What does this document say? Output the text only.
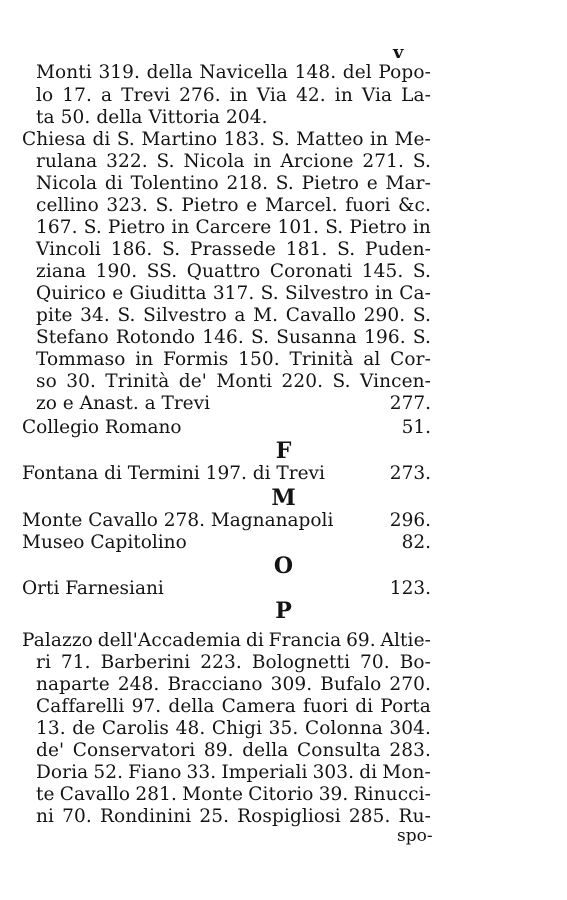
v
Monti 319. della Navicella 148. del Popo-
lo 17. a Trevi 276. in Via 42. in Via La-
ta 50. della Vittoria 204.
Chiesa di S. Martino 183. S. Matteo in Me-
rulana 322. S. Nicola in Arcione 271. S.
Nicola di Tolentino 218. S. Pietro e Mar-
cellino 323. S. Pietro e Marcel. fuori &c.
167. S. Pietro in Carcere 101. S. Pietro in
Vincoli 186. S. Prassede 181. S. Puden-
ziana 190. SS. Quattro Coronati 145. S.
Quirico e Giuditta 317. S. Silvestro in Ca-
pite 34. S. Silvestro a M. Cavallo 290. S.
Stefano Rotondo 146. S. Susanna 196. S.
Tommaso in Formis 150. Trinità al Cor-
so 30. Trinità de' Monti 220. S. Vincen-
zo e Anast. a Trevi	277.
Collegio Romano	51.
F
Fontana di Termini 197. di Trevi	273.
M
Monte Cavallo 278. Magnanapoli	296.
Museo Capitolino	82.
O
Orti Farnesiani	123.
P
Palazzo dell'Accademia di Francia 69. Altie-
ri 71. Barberini 223. Bolognetti 70. Bo-
naparte 248. Bracciano 309. Bufalo 270.
Caffarelli 97. della Camera fuori di Porta
13. de Carolis 48. Chigi 35. Colonna 304.
de' Conservatori 89. della Consulta 283.
Doria 52. Fiano 33. Imperiali 303. di Mon-
te Cavallo 281. Monte Citorio 39. Rinucci-
ni 70. Rondinini 25. Rospigliosi 285. Ru-
spo-
